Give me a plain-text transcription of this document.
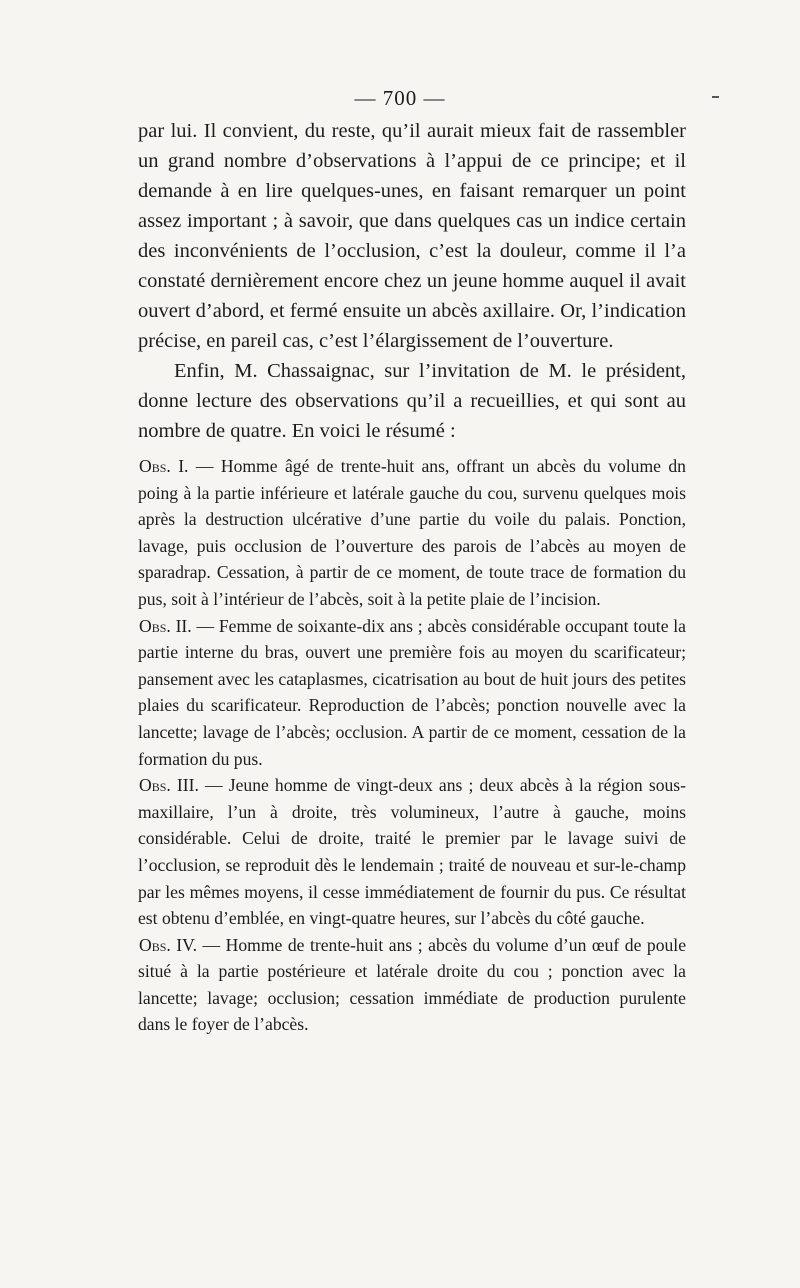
— 700 —

par lui. Il convient, du reste, qu’il aurait mieux fait de rassembler un grand nombre d’observations à l’appui de ce principe; et il demande à en lire quelques-unes, en faisant remarquer un point assez important ; à savoir, que dans quelques cas un indice certain des inconvénients de l’occlusion, c’est la douleur, comme il l’a constaté dernièrement encore chez un jeune homme auquel il avait ouvert d’abord, et fermé ensuite un abcès axillaire. Or, l’indication précise, en pareil cas, c’est l’élargissement de l’ouverture.

Enfin, M. Chassaignac, sur l’invitation de M. le président, donne lecture des observations qu’il a recueillies, et qui sont au nombre de quatre. En voici le résumé :

Obs. I. — Homme âgé de trente-huit ans, offrant un abcès du volume dn poing à la partie inférieure et latérale gauche du cou, survenu quelques mois après la destruction ulcérative d’une partie du voile du palais. Ponction, lavage, puis occlusion de l’ouverture des parois de l’abcès au moyen de sparadrap. Cessation, à partir de ce moment, de toute trace de formation du pus, soit à l’intérieur de l’abcès, soit à la petite plaie de l’incision.

Obs. II. — Femme de soixante-dix ans ; abcès considérable occupant toute la partie interne du bras, ouvert une première fois au moyen du scarificateur; pansement avec les cataplasmes, cicatrisation au bout de huit jours des petites plaies du scarificateur. Reproduction de l’abcès; ponction nouvelle avec la lancette; lavage de l’abcès; occlusion. A partir de ce moment, cessation de la formation du pus.

Obs. III. — Jeune homme de vingt-deux ans ; deux abcès à la région sous-maxillaire, l’un à droite, très volumineux, l’autre à gauche, moins considérable. Celui de droite, traité le premier par le lavage suivi de l’occlusion, se reproduit dès le lendemain ; traité de nouveau et sur-le-champ par les mêmes moyens, il cesse immédiatement de fournir du pus. Ce résultat est obtenu d’emblée, en vingt-quatre heures, sur l’abcès du côté gauche.

Obs. IV. — Homme de trente-huit ans ; abcès du volume d’un œuf de poule situé à la partie postérieure et latérale droite du cou ; ponction avec la lancette; lavage; occlusion; cessation immédiate de production purulente dans le foyer de l’abcès.
